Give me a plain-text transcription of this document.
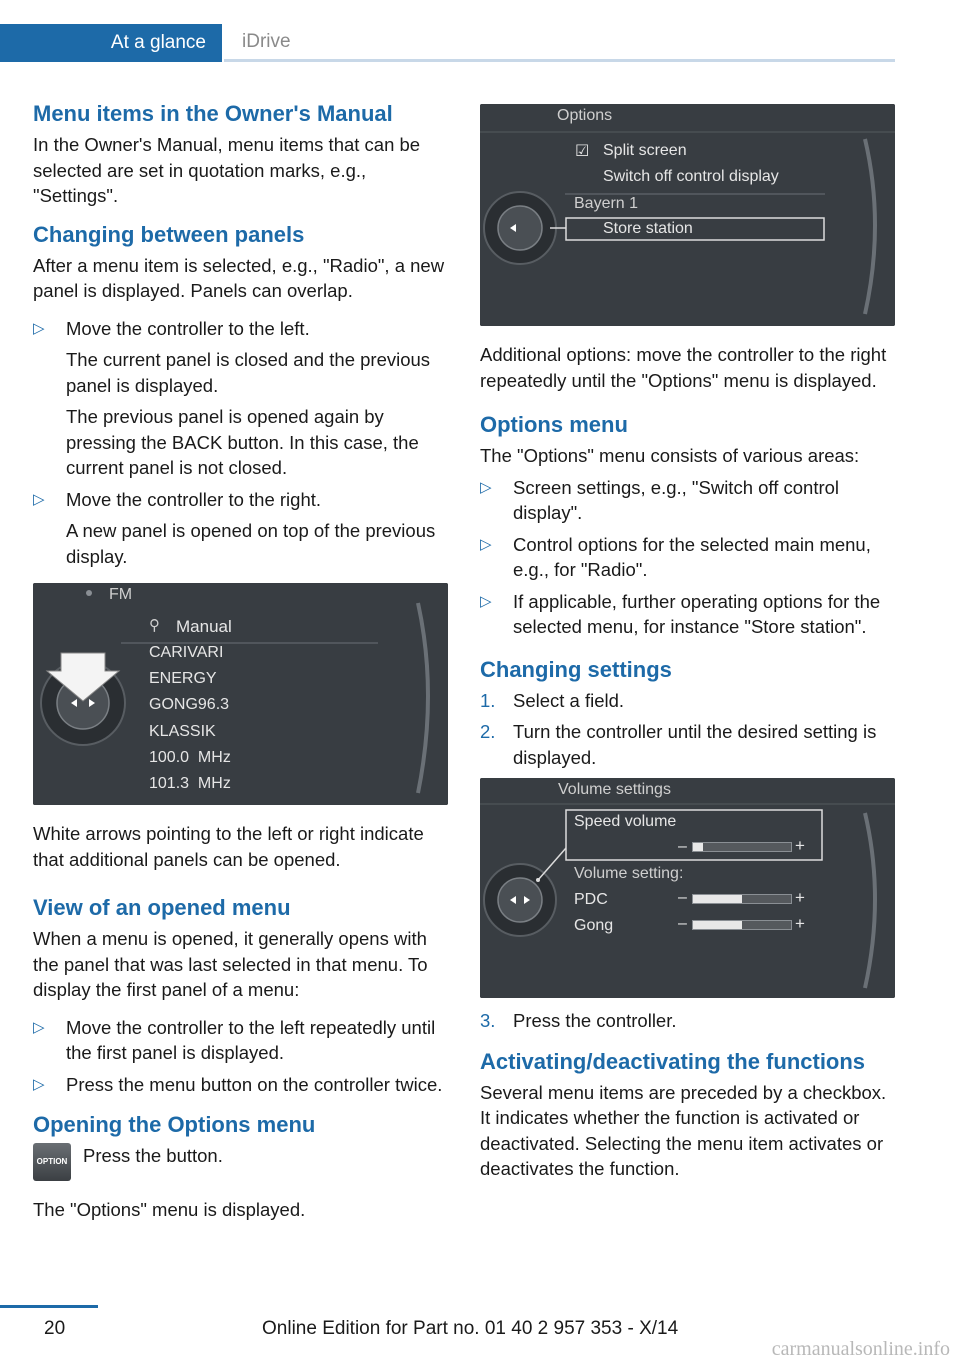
At a glance	iDrive
Menu items in the Owner's Manual

In the Owner's Manual, menu items that can be selected are set in quotation marks, e.g., "Settings".

Changing between panels

After a menu item is selected, e.g., "Radio", a new panel is displayed. Panels can overlap.

▷ Move the controller to the left.

The current panel is closed and the previous panel is displayed.

The previous panel is opened again by pressing the BACK button. In this case, the current panel is not closed.

▷ Move the controller to the right.

A new panel is opened on top of the previous display.

FM
⚲ Manual
CARIVARI
ENERGY
GONG96.3
KLASSIK
100.0  MHz
101.3  MHz

White arrows pointing to the left or right indicate that additional panels can be opened.

View of an opened menu

When a menu is opened, it generally opens with the panel that was last selected in that menu. To display the first panel of a menu:

▷ Move the controller to the left repeatedly until the first panel is displayed.

▷ Press the menu button on the controller twice.

Opening the Options menu
OPTION Press the button.

The "Options" menu is displayed.

Options
☑ Split screen
Switch off control display
Bayern 1
Store station

Additional options: move the controller to the right repeatedly until the "Options" menu is displayed.

Options menu

The "Options" menu consists of various areas:

▷ Screen settings, e.g., "Switch off control display".

▷ Control options for the selected main menu, e.g., for "Radio".

▷ If applicable, further operating options for the selected menu, for instance "Store station".

Changing settings
1. Select a field.

2. Turn the controller until the desired setting is displayed.

Volume settings
Speed volume
Volume setting:
PDC
Gong
–	+
–	+
–	+
3. Press the controller.

Activating/deactivating the functions

Several menu items are preceded by a checkbox. It indicates whether the function is activated or deactivated. Selecting the menu item activates or deactivates the function.

20	Online Edition for Part no. 01 40 2 957 353 - X/14
carmanualsonline.info
